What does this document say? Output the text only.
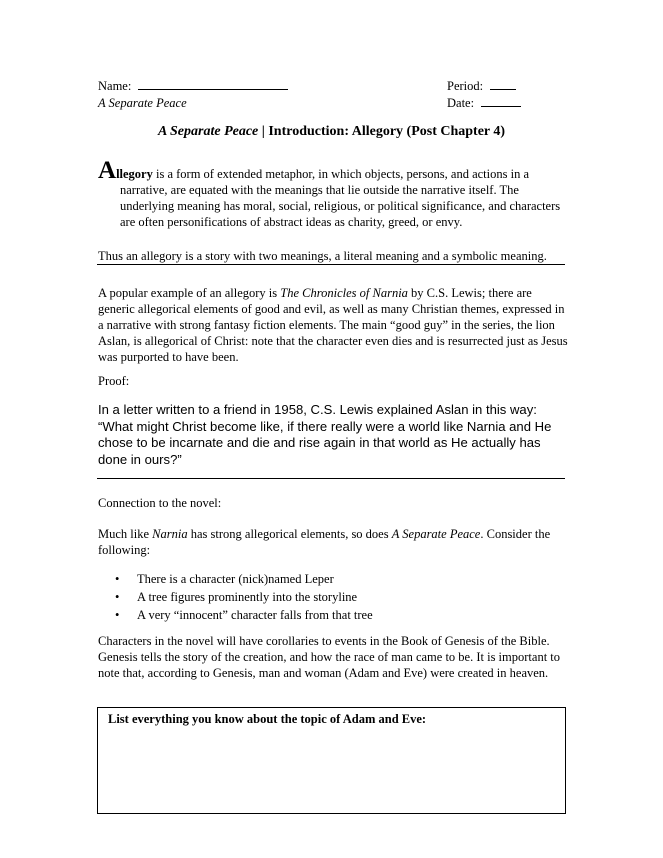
Name:
A Separate Peace
Period:
Date:
A Separate Peace | Introduction: Allegory (Post Chapter 4)
Allegory is a form of extended metaphor, in which objects, persons, and actions in a
narrative, are equated with the meanings that lie outside the narrative itself. The underlying meaning has moral, social, religious, or political significance, and characters are often personifications of abstract ideas as charity, greed, or envy.
Thus an allegory is a story with two meanings, a literal meaning and a symbolic meaning.
A popular example of an allegory is The Chronicles of Narnia by C.S. Lewis; there are generic allegorical elements of good and evil, as well as many Christian themes, expressed in a narrative with strong fantasy fiction elements. The main “good guy” in the series, the lion Aslan, is allegorical of Christ: note that the character even dies and is resurrected just as Jesus was purported to have been.
Proof:
In a letter written to a friend in 1958, C.S. Lewis explained Aslan in this way: “What might Christ become like, if there really were a world like Narnia and He chose to be incarnate and die and rise again in that world as He actually has done in ours?”
Connection to the novel:
Much like Narnia has strong allegorical elements, so does A Separate Peace. Consider the following:
• There is a character (nick)named Leper
• A tree figures prominently into the storyline
• A very “innocent” character falls from that tree
Characters in the novel will have corollaries to events in the Book of Genesis of the Bible. Genesis tells the story of the creation, and how the race of man came to be. It is important to note that, according to Genesis, man and woman (Adam and Eve) were created in heaven.
List everything you know about the topic of Adam and Eve:
